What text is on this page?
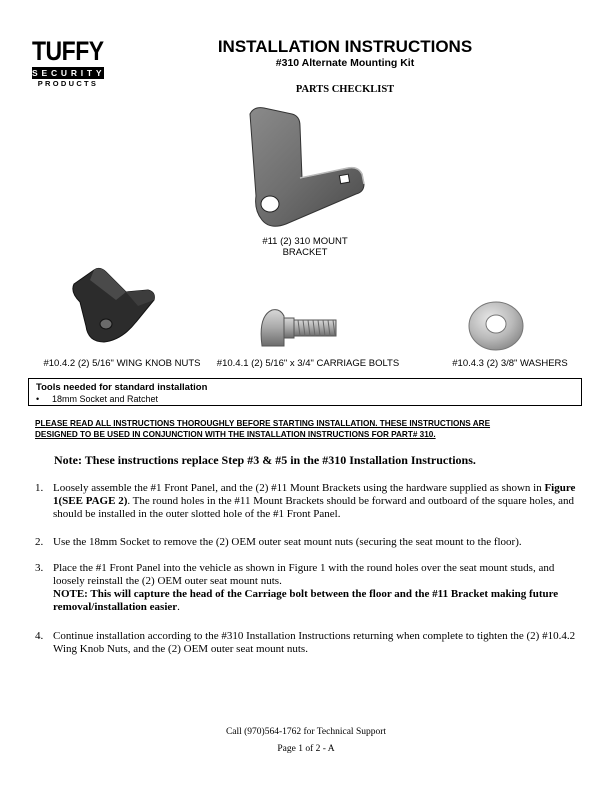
TUFFY
SECURITY
PRODUCTS
INSTALLATION INSTRUCTIONS
#310 Alternate Mounting Kit
PARTS CHECKLIST
#11 (2) 310 MOUNT
BRACKET
#10.4.2 (2) 5/16" WING KNOB NUTS	#10.4.1 (2) 5/16" x 3/4" CARRIAGE BOLTS	#10.4.3 (2) 3/8" WASHERS
Tools needed for standard installation
• 18mm Socket and Ratchet
PLEASE READ ALL INSTRUCTIONS THOROUGHLY BEFORE STARTING INSTALLATION. THESE INSTRUCTIONS ARE
DESIGNED TO BE USED IN CONJUNCTION WITH THE INSTALLATION INSTRUCTIONS FOR PART# 310.
Note: These instructions replace Step #3 & #5 in the #310 Installation Instructions.
1. Loosely assemble the #1 Front Panel, and the (2) #11 Mount Brackets using the hardware supplied as shown in Figure 1(SEE PAGE 2). The round holes in the #11 Mount Brackets should be forward and outboard of the square holes, and should be installed in the outer slotted hole of the #1 Front Panel.
2. Use the 18mm Socket to remove the (2) OEM outer seat mount nuts (securing the seat mount to the floor).
3. Place the #1 Front Panel into the vehicle as shown in Figure 1 with the round holes over the seat mount studs, and loosely reinstall the (2) OEM outer seat mount nuts.
NOTE: This will capture the head of the Carriage bolt between the floor and the #11 Bracket making future removal/installation easier.
4. Continue installation according to the #310 Installation Instructions returning when complete to tighten the (2) #10.4.2 Wing Knob Nuts, and the (2) OEM outer seat mount nuts.
Call (970)564-1762 for Technical Support
Page 1 of 2 - A
